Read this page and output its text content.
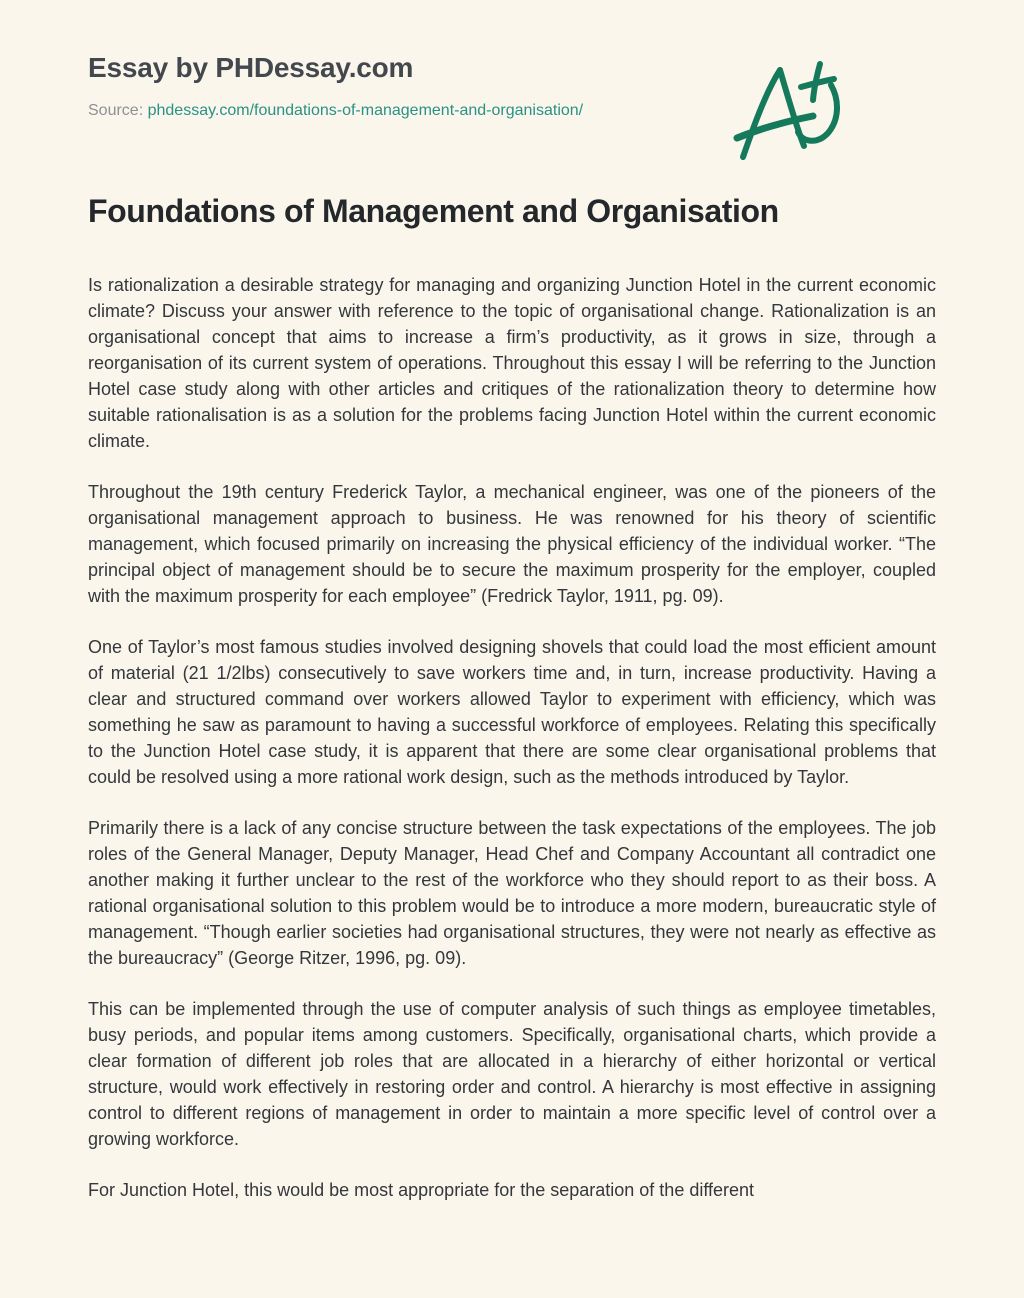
Essay by PHDessay.com
Source: phdessay.com/foundations-of-management-and-organisation/
Foundations of Management and Organisation

Is rationalization a desirable strategy for managing and organizing Junction Hotel in the current economic climate? Discuss your answer with reference to the topic of organisational change. Rationalization is an organisational concept that aims to increase a firm’s productivity, as it grows in size, through a reorganisation of its current system of operations. Throughout this essay I will be referring to the Junction Hotel case study along with other articles and critiques of the rationalization theory to determine how suitable rationalisation is as a solution for the problems facing Junction Hotel within the current economic climate.

Throughout the 19th century Frederick Taylor, a mechanical engineer, was one of the pioneers of the organisational management approach to business. He was renowned for his theory of scientific management, which focused primarily on increasing the physical efficiency of the individual worker. “The principal object of management should be to secure the maximum prosperity for the employer, coupled with the maximum prosperity for each employee” (Fredrick Taylor, 1911, pg. 09).

One of Taylor’s most famous studies involved designing shovels that could load the most efficient amount of material (21 1/2lbs) consecutively to save workers time and, in turn, increase productivity. Having a clear and structured command over workers allowed Taylor to experiment with efficiency, which was something he saw as paramount to having a successful workforce of employees. Relating this specifically to the Junction Hotel case study, it is apparent that there are some clear organisational problems that could be resolved using a more rational work design, such as the methods introduced by Taylor.

Primarily there is a lack of any concise structure between the task expectations of the employees. The job roles of the General Manager, Deputy Manager, Head Chef and Company Accountant all contradict one another making it further unclear to the rest of the workforce who they should report to as their boss. A rational organisational solution to this problem would be to introduce a more modern, bureaucratic style of management. “Though earlier societies had organisational structures, they were not nearly as effective as the bureaucracy” (George Ritzer, 1996, pg. 09).

This can be implemented through the use of computer analysis of such things as employee timetables, busy periods, and popular items among customers. Specifically, organisational charts, which provide a clear formation of different job roles that are allocated in a hierarchy of either horizontal or vertical structure, would work effectively in restoring order and control. A hierarchy is most effective in assigning control to different regions of management in order to maintain a more specific level of control over a growing workforce.

For Junction Hotel, this would be most appropriate for the separation of the different
